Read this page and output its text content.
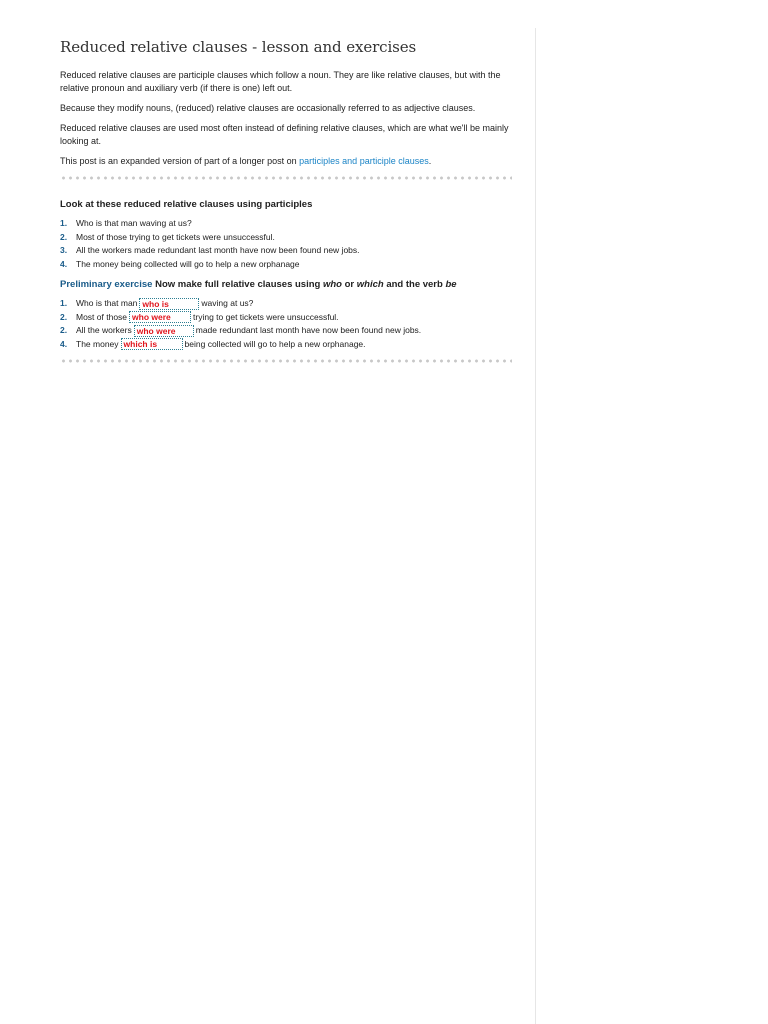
Reduced relative clauses - lesson and exercises

Reduced relative clauses are participle clauses which follow a noun. They are like relative clauses, but with the relative pronoun and auxiliary verb (if there is one) left out.

Because they modify nouns, (reduced) relative clauses are occasionally referred to as adjective clauses.

Reduced relative clauses are used most often instead of defining relative clauses, which are what we'll be mainly looking at.

This post is an expanded version of part of a longer post on participles and participle clauses.

Look at these reduced relative clauses using participles
1. Who is that man waving at us?
2. Most of those trying to get tickets were unsuccessful.
3. All the workers made redundant last month have now been found new jobs.
4. The money being collected will go to help a new orphanage
Preliminary exercise Now make full relative clauses using who or which and the verb be
1. Who is that man who is	waving at us?
2. Most of those who were	trying to get tickets were unsuccessful.
2. All the workers who were made redundant last month have now been found new jobs.
4. The money which is	being collected will go to help a new orphanage.
